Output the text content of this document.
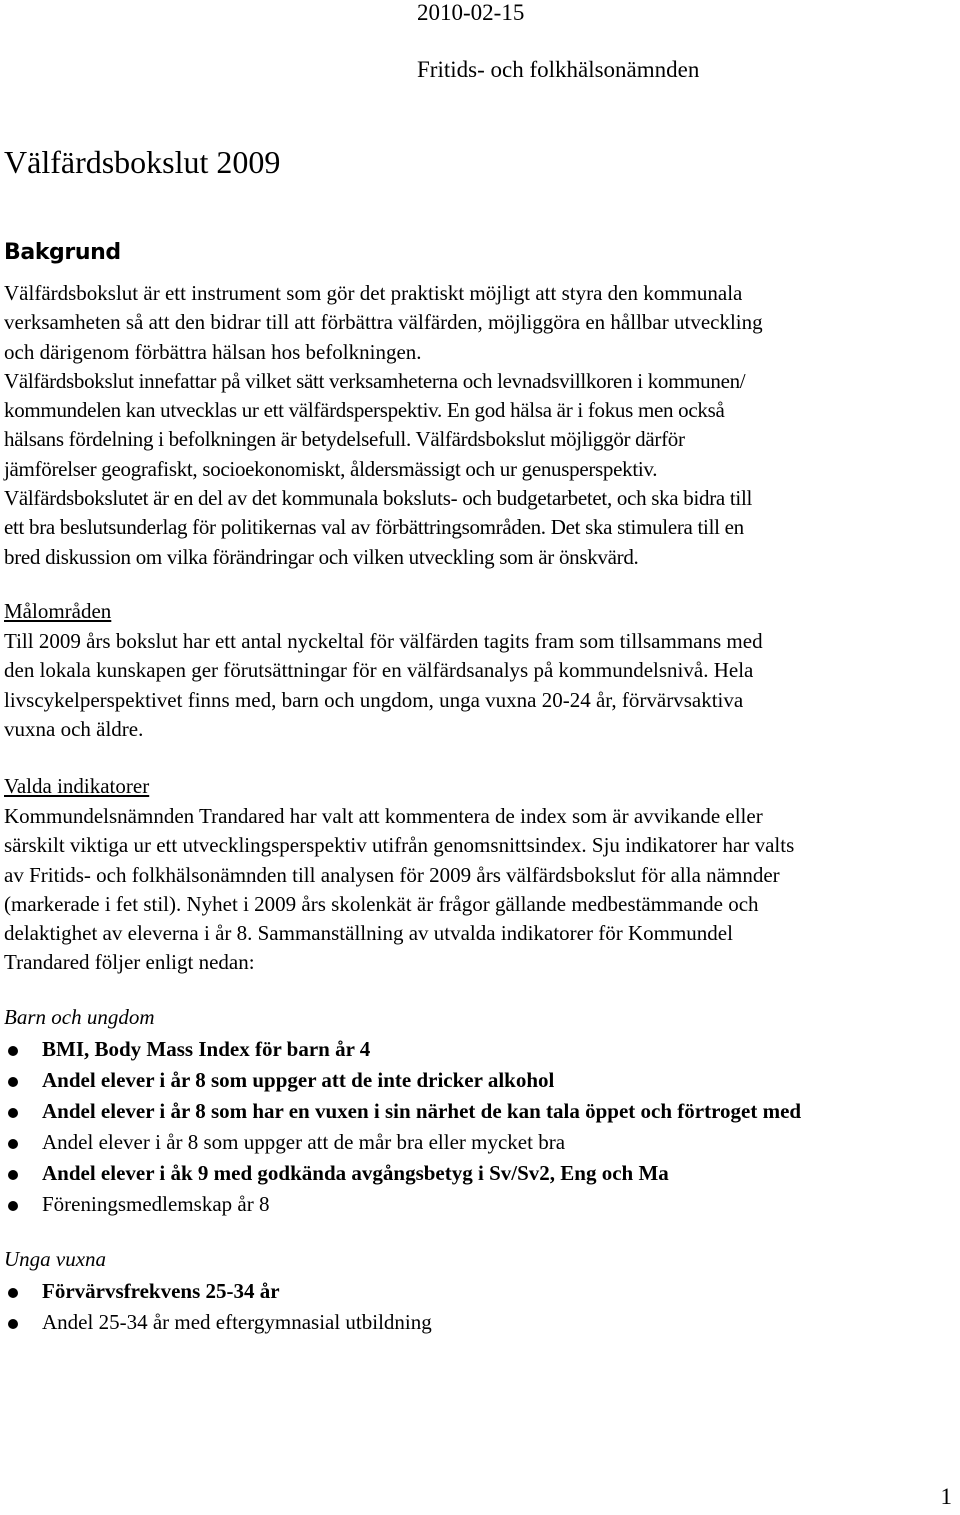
2010-02-15
Fritids- och folkhälsonämnden
Välfärdsbokslut 2009
Bakgrund
Välfärdsbokslut är ett instrument som gör det praktiskt möjligt att styra den kommunala
verksamheten så att den bidrar till att förbättra välfärden, möjliggöra en hållbar utveckling
och därigenom förbättra hälsan hos befolkningen.
Välfärdsbokslut innefattar på vilket sätt verksamheterna och levnadsvillkoren i kommunen/
kommundelen kan utvecklas ur ett välfärdsperspektiv. En god hälsa är i fokus men också
hälsans fördelning i befolkningen är betydelsefull. Välfärdsbokslut möjliggör därför
jämförelser geografiskt, socioekonomiskt, åldersmässigt och ur genusperspektiv.
Välfärdsbokslutet är en del av det kommunala boksluts- och budgetarbetet, och ska bidra till
ett bra beslutsunderlag för politikernas val av förbättringsområden. Det ska stimulera till en
bred diskussion om vilka förändringar och vilken utveckling som är önskvärd.
Målområden
Till 2009 års bokslut har ett antal nyckeltal för välfärden tagits fram som tillsammans med
den lokala kunskapen ger förutsättningar för en välfärdsanalys på kommundelsnivå. Hela
livscykelperspektivet finns med, barn och ungdom, unga vuxna 20-24 år, förvärvsaktiva
vuxna och äldre.
Valda indikatorer
Kommundelsnämnden Trandared har valt att kommentera de index som är avvikande eller
särskilt viktiga ur ett utvecklingsperspektiv utifrån genomsnittsindex. Sju indikatorer har valts
av Fritids- och folkhälsonämnden till analysen för 2009 års välfärdsbokslut för alla nämnder
(markerade i fet stil). Nyhet i 2009 års skolenkät är frågor gällande medbestämmande och
delaktighet av eleverna i år 8. Sammanställning av utvalda indikatorer för Kommundel
Trandared följer enligt nedan:
Barn och ungdom
BMI, Body Mass Index för barn år 4
Andel elever i år 8 som uppger att de inte dricker alkohol
Andel elever i år 8 som har en vuxen i sin närhet de kan tala öppet och förtroget med
Andel elever i år 8 som uppger att de mår bra eller mycket bra
Andel elever i åk 9 med godkända avgångsbetyg i Sv/Sv2, Eng och Ma
Föreningsmedlemskap år 8
Unga vuxna
Förvärvsfrekvens 25-34 år
Andel 25-34 år med eftergymnasial utbildning
1
